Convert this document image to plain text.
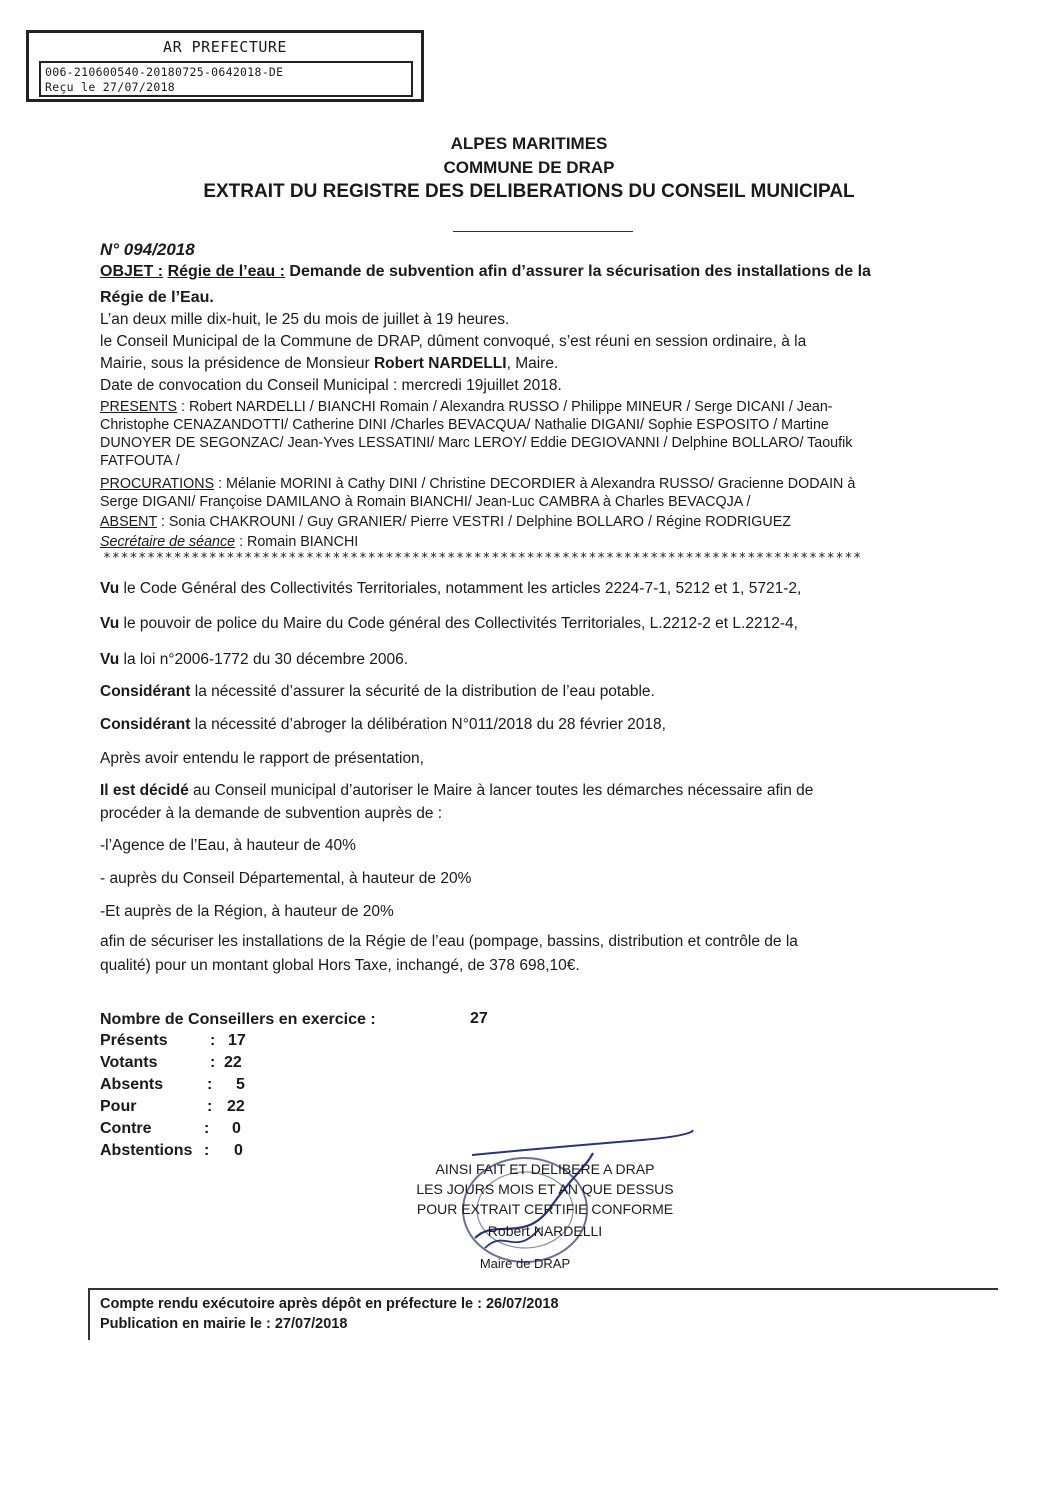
AR PREFECTURE
006-210600540-20180725-0642018-DE
Reçu le 27/07/2018
ALPES MARITIMES
COMMUNE DE DRAP
EXTRAIT DU REGISTRE DES DELIBERATIONS DU CONSEIL MUNICIPAL
N° 094/2018
OBJET : Régie de l’eau : Demande de subvention afin d’assurer la sécurisation des installations de la
Régie de l’Eau.
L’an deux mille dix-huit, le 25 du mois de juillet à 19 heures.
le Conseil Municipal de la Commune de DRAP, dûment convoqué, s’est réuni en session ordinaire, à la
Mairie, sous la présidence de Monsieur Robert NARDELLI, Maire.
Date de convocation du Conseil Municipal : mercredi 19juillet 2018.
PRESENTS : Robert NARDELLI / BIANCHI Romain / Alexandra RUSSO / Philippe MINEUR / Serge DICANI / Jean-
Christophe CENAZANDOTTI/ Catherine DINI /Charles BEVACQUA/ Nathalie DIGANI/ Sophie ESPOSITO / Martine
DUNOYER DE SEGONZAC/ Jean-Yves LESSATINI/ Marc LEROY/ Eddie DEGIOVANNI / Delphine BOLLARO/ Taoufik
FATFOUTA /
PROCURATIONS : Mélanie MORINI à Cathy DINI / Christine DECORDIER à Alexandra RUSSO/ Gracienne DODAIN à
Serge DIGANI/ Françoise DAMILANO à Romain BIANCHI/ Jean-Luc CAMBRA à Charles BEVACQJA /
ABSENT : Sonia CHAKROUNI / Guy GRANIER/ Pierre VESTRI / Delphine BOLLARO / Régine RODRIGUEZ
Secrétaire de séance : Romain BIANCHI
**************************************************************************************
Vu le Code Général des Collectivités Territoriales, notamment les articles 2224-7-1, 5212 et 1, 5721-2,
Vu le pouvoir de police du Maire du Code général des Collectivités Territoriales, L.2212-2 et L.2212-4,
Vu la loi n°2006-1772 du 30 décembre 2006.
Considérant la nécessité d’assurer la sécurité de la distribution de l’eau potable.
Considérant la nécessité d’abroger la délibération N°011/2018 du 28 février 2018,
Après avoir entendu le rapport de présentation,
Il est décidé au Conseil municipal d’autoriser le Maire à lancer toutes les démarches nécessaire afin de
procéder à la demande de subvention auprès de :
-l’Agence de l’Eau, à hauteur de 40%
- auprès du Conseil Départemental, à hauteur de 20%
-Et auprès de la Région, à hauteur de 20%
afin de sécuriser les installations de la Régie de l’eau (pompage, bassins, distribution et contrôle de la
qualité) pour un montant global Hors Taxe, inchangé, de 378 698,10€.
Nombre de Conseillers en exercice :	27
Présents	: 17
Votants	: 22
Absents	: 5
Pour	: 22
Contre	: 0
Abstentions : 0
AINSI FAIT ET DELIBERE A DRAP
LES JOURS MOIS ET AN QUE DESSUS
POUR EXTRAIT CERTIFIE CONFORME
Robert NARDELLI
Maire de DRAP
Compte rendu exécutoire après dépôt en préfecture le : 26/07/2018
Publication en mairie le : 27/07/2018
